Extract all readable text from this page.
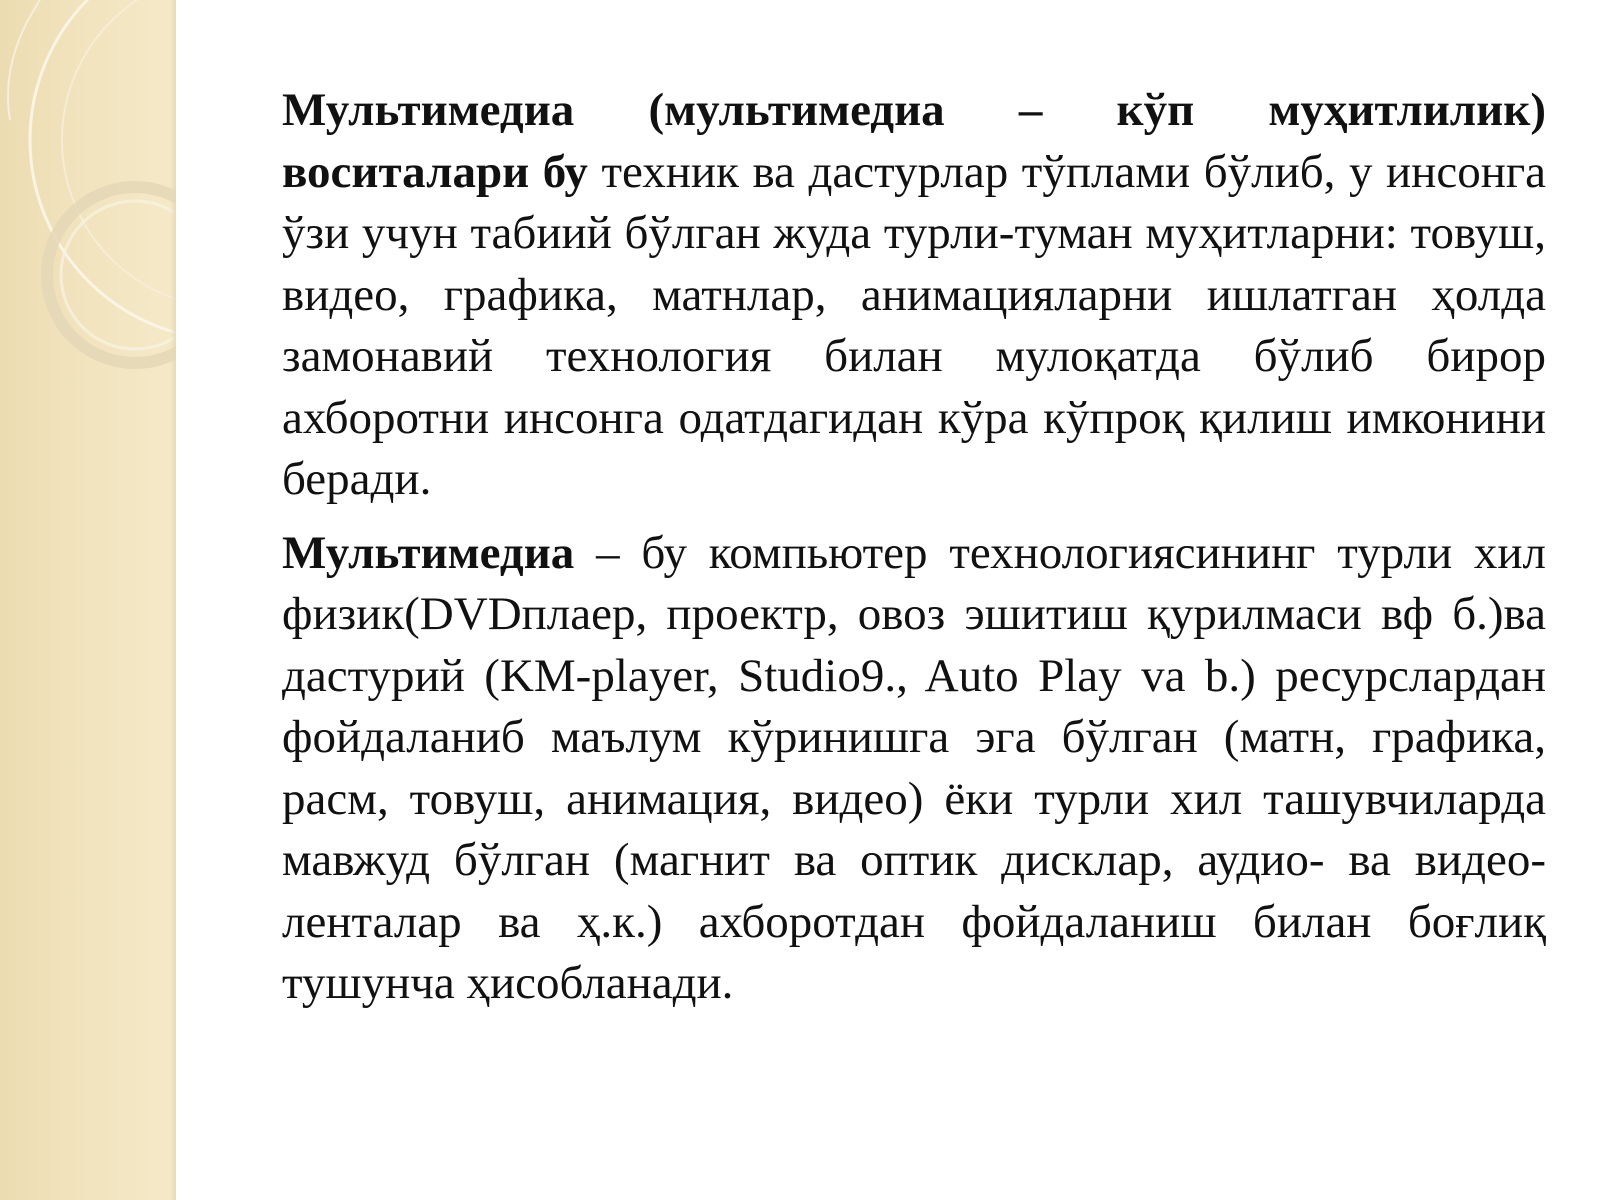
Мультимедиа (мультимедиа – кўп муҳитлилик) воситалари бу техник ва дастурлар тўплами бўлиб, у инсонга ўзи учун табиий бўлган жуда турли-туман муҳитларни: товуш, видео, графика, матнлар, анимацияларни ишлатган ҳолда замонавий технология билан мулоқатда бўлиб бирор ахборотни инсонга одатдагидан кўра кўпроқ қилиш имконини беради.

Мультимедиа – бу компьютер технологиясининг турли хил физик(DVDплаер, проектр, овоз эшитиш қурилмаси вф б.)ва дастурий (KM-player, Studio9., Auto Play va b.) ресурслардан фойдаланиб маълум кўринишга эга бўлган (матн, графика, расм, товуш, анимация, видео) ёки турли хил ташувчиларда мавжуд бўлган (магнит ва оптик дисклар, аудио- ва видео-ленталар ва ҳ.к.) ахборотдан фойдаланиш билан боғлиқ тушунча ҳисобланади.
